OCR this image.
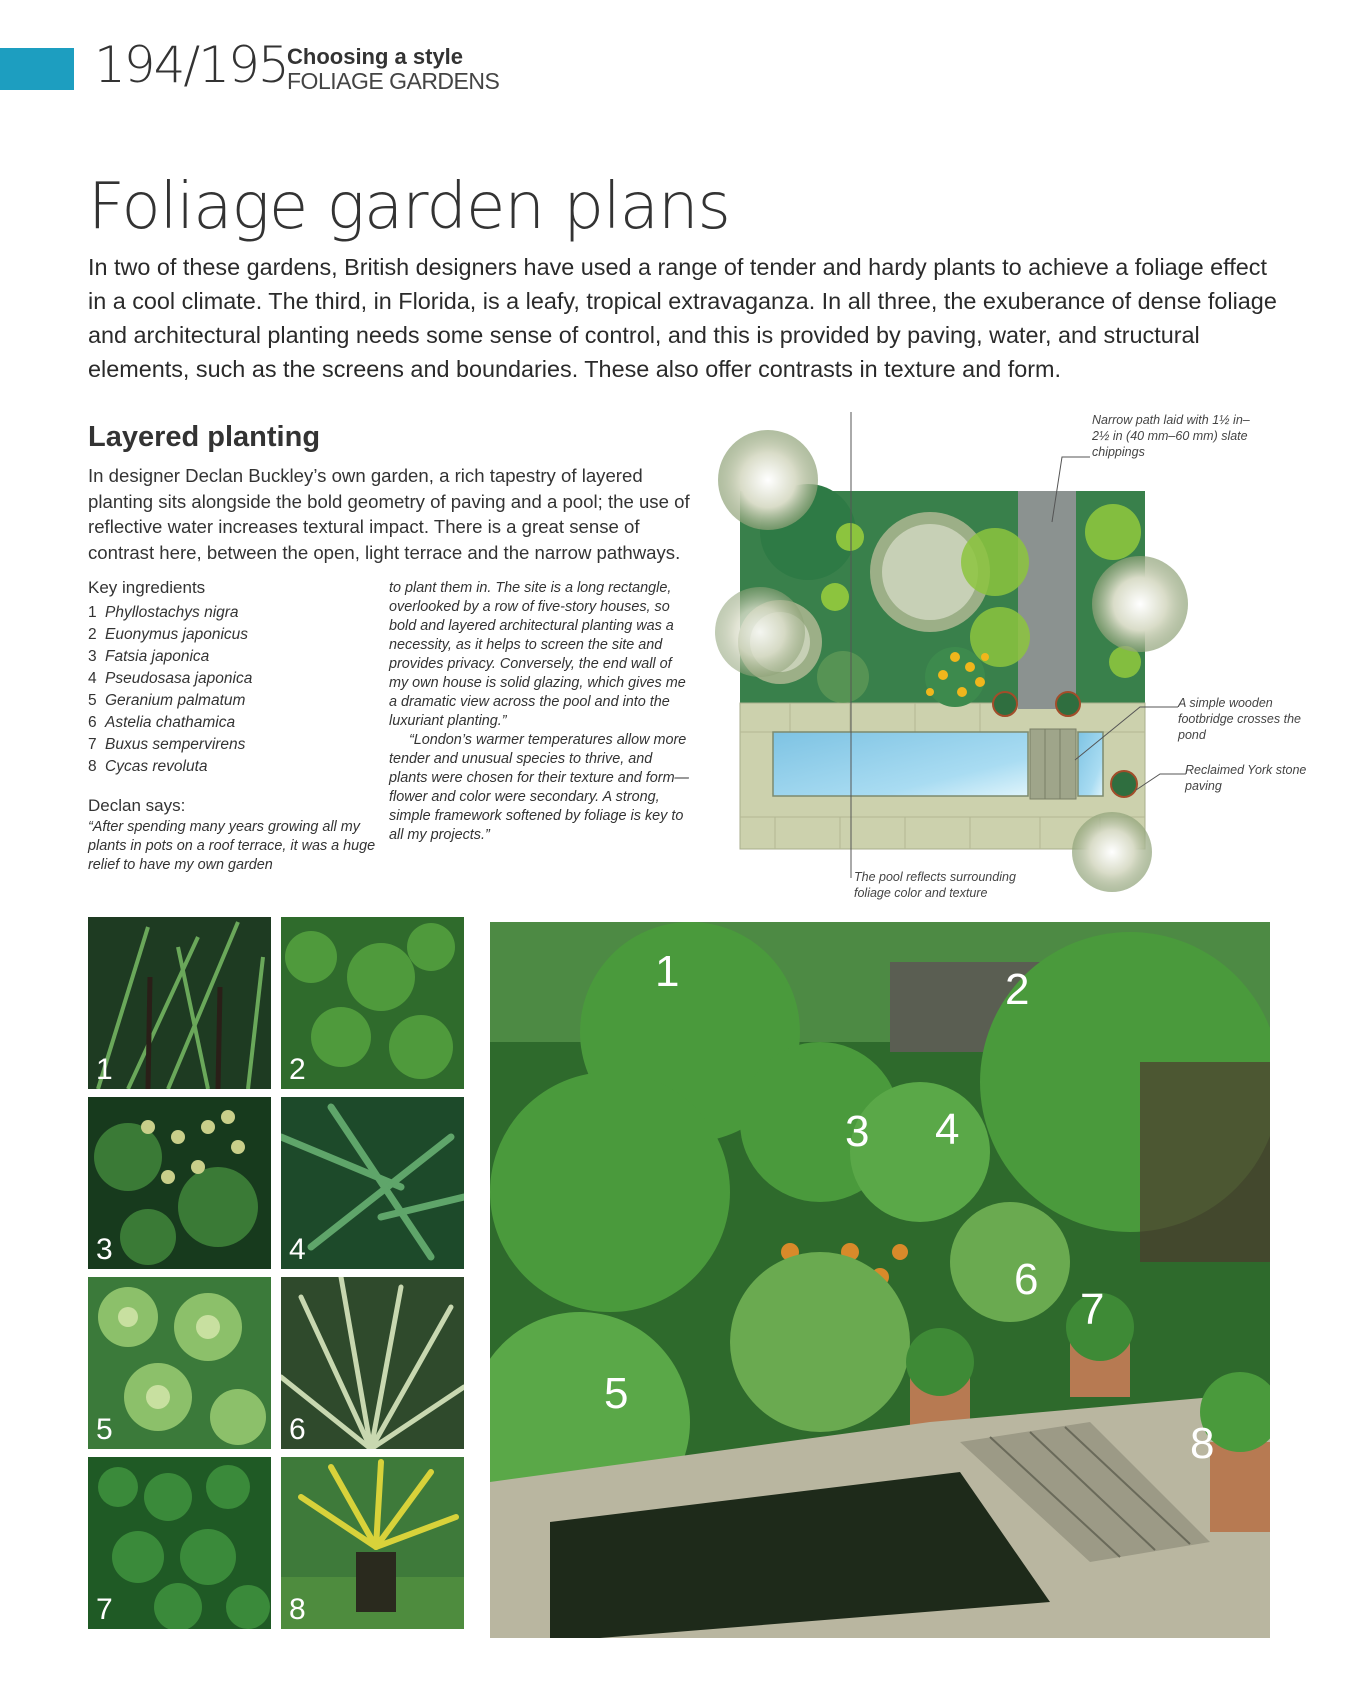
194/195 Choosing a style
FOLIAGE GARDENS
Foliage garden plans

In two of these gardens, British designers have used a range of tender and hardy plants to achieve a foliage effect in a cool climate. The third, in Florida, is a leafy, tropical extravaganza. In all three, the exuberance of dense foliage and architectural planting needs some sense of control, and this is provided by paving, water, and structural elements, such as the screens and boundaries. These also offer contrasts in texture and form.

Layered planting

In designer Declan Buckley’s own garden, a rich tapestry of layered planting sits alongside the bold geometry of paving and a pool; the use of reflective water increases textural impact. There is a great sense of contrast here, between the open, light terrace and the narrow pathways.

Key ingredients
1 Phyllostachys nigra
2 Euonymus japonicus
3 Fatsia japonica
4 Pseudosasa japonica
5 Geranium palmatum
6 Astelia chathamica
7 Buxus sempervirens
8 Cycas revoluta
Declan says:

“After spending many years growing all my plants in pots on a roof terrace, it was a huge relief to have my own garden

to plant them in. The site is a long rectangle, overlooked by a row of five-story houses, so bold and layered architectural planting was a necessity, as it helps to screen the site and provides privacy. Conversely, the end wall of my own house is solid glazing, which gives me a dramatic view across the pool and into the luxuriant planting.”

“London’s warmer temperatures allow more tender and unusual species to thrive, and plants were chosen for their texture and form—flower and color were secondary. A strong, simple framework softened by foliage is key to all my projects.”

Narrow path laid with 1½ in–2½ in (40 mm–60 mm) slate chippings
A simple wooden footbridge crosses the pond
Reclaimed York stone paving
The pool reflects surrounding foliage color and texture
1	2
3	4
5	6
7	8
1	2
3 4
5
6
7
8
